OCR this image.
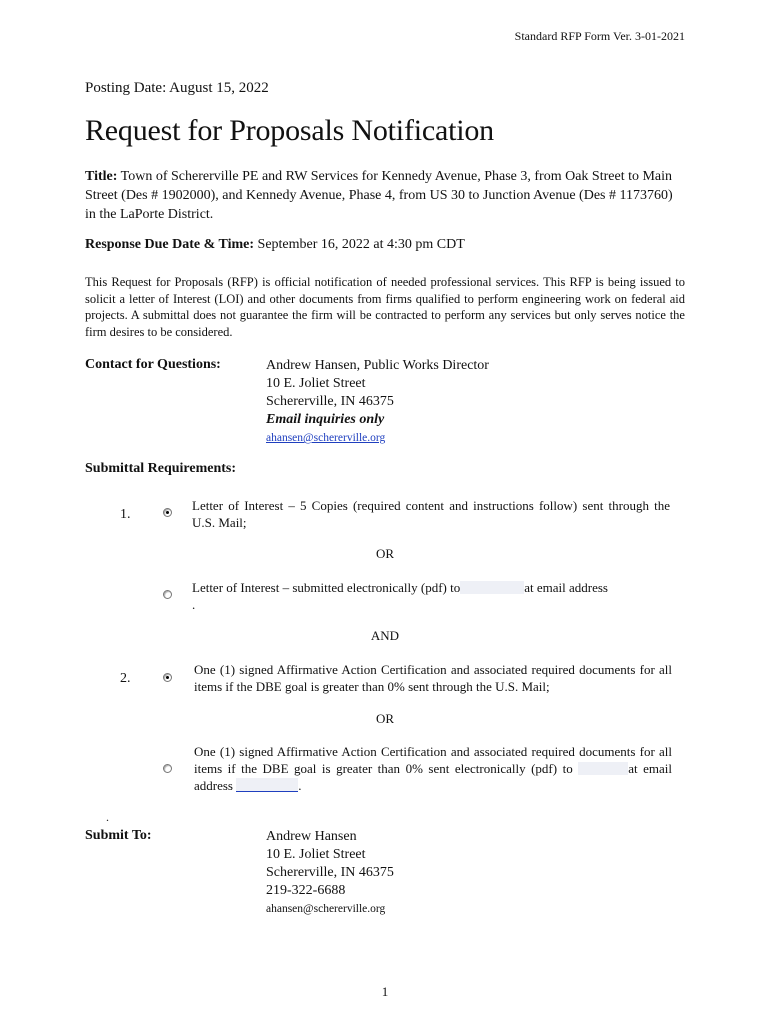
Standard RFP Form Ver. 3-01-2021
Posting Date: August 15, 2022
Request for Proposals Notification
Title: Town of Schererville PE and RW Services for Kennedy Avenue, Phase 3, from Oak Street to Main Street (Des # 1902000), and Kennedy Avenue, Phase 4, from US 30 to Junction Avenue (Des # 1173760) in the LaPorte District.
Response Due Date & Time: September 16, 2022 at 4:30 pm CDT
This Request for Proposals (RFP) is official notification of needed professional services. This RFP is being issued to solicit a letter of Interest (LOI) and other documents from firms qualified to perform engineering work on federal aid projects. A submittal does not guarantee the firm will be contracted to perform any services but only serves notice the firm desires to be considered.
Contact for Questions:	Andrew Hansen, Public Works Director
10 E. Joliet Street
Schererville, IN 46375
Email inquiries only
ahansen@schererville.org
Submittal Requirements:
1.
Letter of Interest – 5 Copies (required content and instructions follow) sent through the U.S. Mail;
OR
Letter of Interest – submitted electronically (pdf) to	at email address
.
AND
2.
One (1) signed Affirmative Action Certification and associated required documents for all items if the DBE goal is greater than 0% sent through the U.S. Mail;
OR
One (1) signed Affirmative Action Certification and associated required documents for all items if the DBE goal is greater than 0% sent electronically (pdf) to	at email address	.
.
Submit To:	Andrew Hansen
10 E. Joliet Street
Schererville, IN 46375
219-322-6688
ahansen@schererville.org
1
